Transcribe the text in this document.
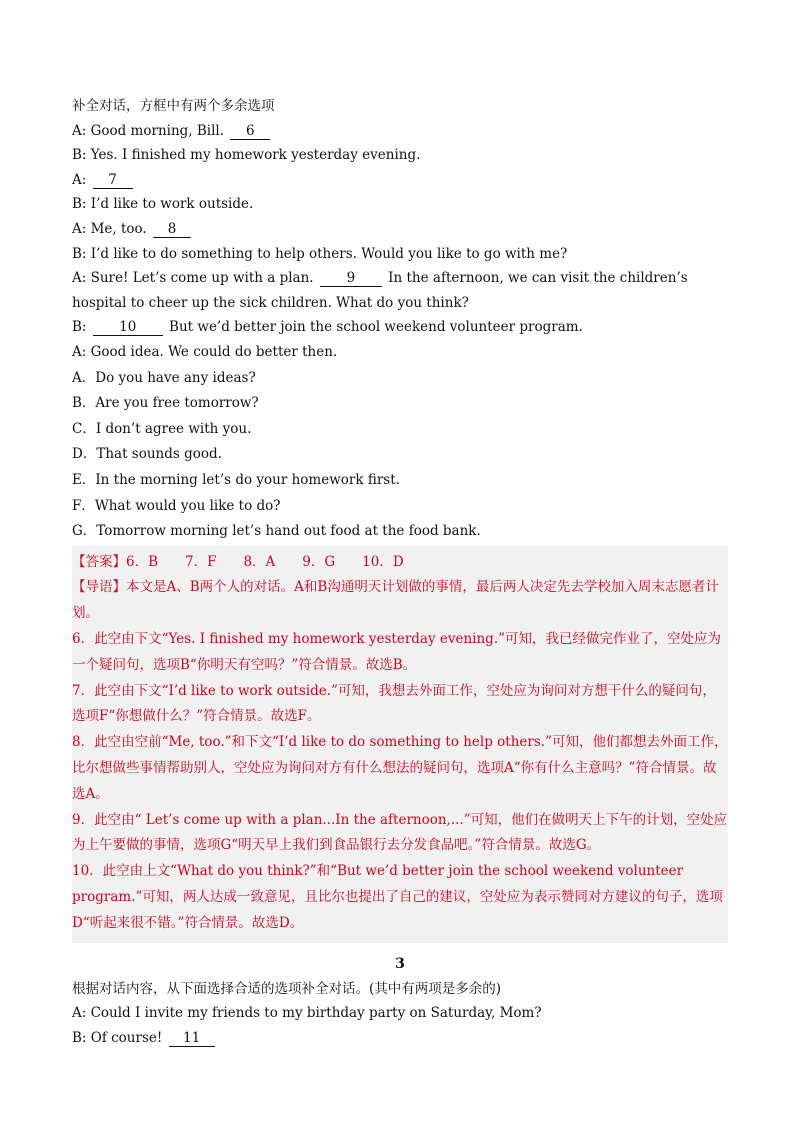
补全对话，方框中有两个多余选项
A: Good morning, Bill. 6
B: Yes. I finished my homework yesterday evening.
A: 7
B: I’d like to work outside.
A: Me, too. 8
B: I’d like to do something to help others. Would you like to go with me?
A: Sure! Let’s come up with a plan. 9 In the afternoon, we can visit the children’s hospital to cheer up the sick children. What do you think?
B: 10 But we’d better join the school weekend volunteer program.
A: Good idea. We could do better then.
A．Do you have any ideas?
B．Are you free tomorrow?
C．I don’t agree with you.
D．That sounds good.
E．In the morning let’s do your homework first.
F．What would you like to do?
G．Tomorrow morning let’s hand out food at the food bank.

【答案】6．B　　7．F　　8．A　　9．G　　10．D

【导语】本文是A、B两个人的对话。A和B沟通明天计划做的事情，最后两人决定先去学校加入周末志愿者计划。

6．此空由下文“Yes. I finished my homework yesterday evening.”可知，我已经做完作业了，空处应为一个疑问句，选项B“你明天有空吗？”符合情景。故选B。

7．此空由下文“I’d like to work outside.”可知，我想去外面工作，空处应为询问对方想干什么的疑问句，选项F“你想做什么？”符合情景。故选F。

8．此空由空前“Me, too.”和下文“I’d like to do something to help others.”可知，他们都想去外面工作，比尔想做些事情帮助别人，空处应为询问对方有什么想法的疑问句，选项A“你有什么主意吗？”符合情景。故选A。

9．此空由“ Let’s come up with a plan...In the afternoon,...”可知，他们在做明天上下午的计划，空处应为上午要做的事情，选项G“明天早上我们到食品银行去分发食品吧。”符合情景。故选G。

10．此空由上文“What do you think?”和“But we’d better join the school weekend volunteer program.”可知，两人达成一致意见，且比尔也提出了自己的建议，空处应为表示赞同对方建议的句子，选项D“听起来很不错。”符合情景。故选D。

3
根据对话内容，从下面选择合适的选项补全对话。(其中有两项是多余的)
A: Could I invite my friends to my birthday party on Saturday, Mom?
B: Of course! 11
